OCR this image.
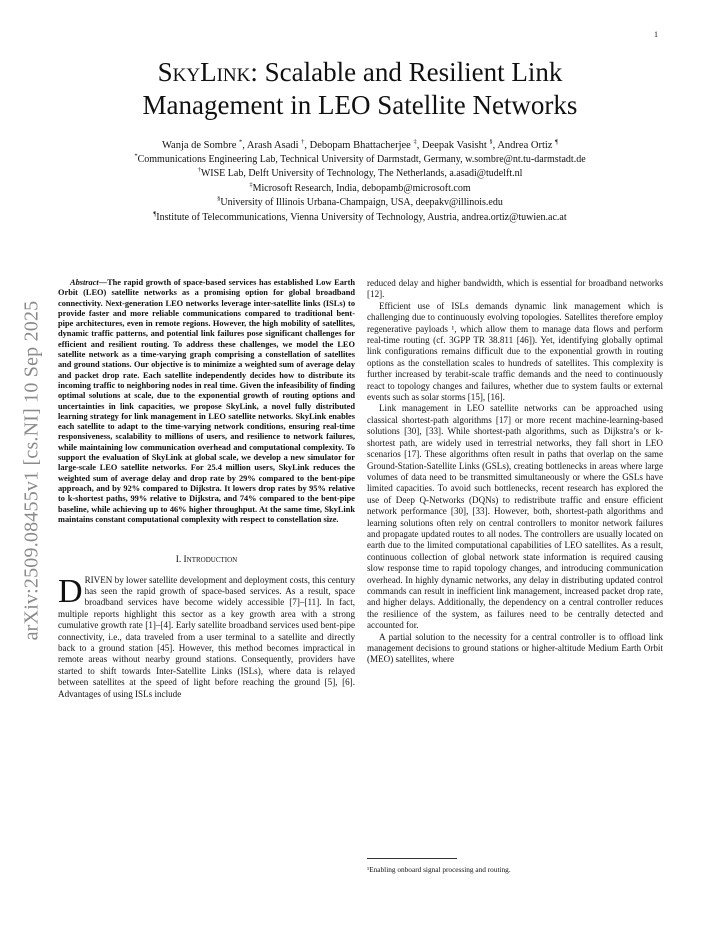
1
arXiv:2509.08455v1 [cs.NI] 10 Sep 2025
SkyLink: Scalable and Resilient Link
Management in LEO Satellite Networks
Wanja de Sombre *, Arash Asadi †, Debopam Bhattacherjee ‡, Deepak Vasisht §, Andrea Ortiz ¶
*Communications Engineering Lab, Technical University of Darmstadt, Germany, w.sombre@nt.tu-darmstadt.de
†WISE Lab, Delft University of Technology, The Netherlands, a.asadi@tudelft.nl
‡Microsoft Research, India, debopamb@microsoft.com
§University of Illinois Urbana-Champaign, USA, deepakv@illinois.edu
¶Institute of Telecommunications, Vienna University of Technology, Austria, andrea.ortiz@tuwien.ac.at

Abstract—The rapid growth of space-based services has established Low Earth Orbit (LEO) satellite networks as a promising option for global broadband connectivity. Next-generation LEO networks leverage inter-satellite links (ISLs) to provide faster and more reliable communications compared to traditional bent-pipe architectures, even in remote regions. However, the high mobility of satellites, dynamic traffic patterns, and potential link failures pose significant challenges for efficient and resilient routing. To address these challenges, we model the LEO satellite network as a time-varying graph comprising a constellation of satellites and ground stations. Our objective is to minimize a weighted sum of average delay and packet drop rate. Each satellite independently decides how to distribute its incoming traffic to neighboring nodes in real time. Given the infeasibility of finding optimal solutions at scale, due to the exponential growth of routing options and uncertainties in link capacities, we propose SkyLink, a novel fully distributed learning strategy for link management in LEO satellite networks. SkyLink enables each satellite to adapt to the time-varying network conditions, ensuring real-time responsiveness, scalability to millions of users, and resilience to network failures, while maintaining low communication overhead and computational complexity. To support the evaluation of SkyLink at global scale, we develop a new simulator for large-scale LEO satellite networks. For 25.4 million users, SkyLink reduces the weighted sum of average delay and drop rate by 29% compared to the bent-pipe approach, and by 92% compared to Dijkstra. It lowers drop rates by 95% relative to k-shortest paths, 99% relative to Dijkstra, and 74% compared to the bent-pipe baseline, while achieving up to 46% higher throughput. At the same time, SkyLink maintains constant computational complexity with respect to constellation size.

I. Introduction

DRIVEN by lower satellite development and deployment costs, this century has seen the rapid growth of space-based services. As a result, space broadband services have become widely accessible [7]–[11]. In fact, multiple reports highlight this sector as a key growth area with a strong cumulative growth rate [1]–[4]. Early satellite broadband services used bent-pipe connectivity, i.e., data traveled from a user terminal to a satellite and directly back to a ground station [45]. However, this method becomes impractical in remote areas without nearby ground stations. Consequently, providers have started to shift towards Inter-Satellite Links (ISLs), where data is relayed between satellites at the speed of light before reaching the ground [5], [6]. Advantages of using ISLs include

reduced delay and higher bandwidth, which is essential for broadband networks [12].

Efficient use of ISLs demands dynamic link management which is challenging due to continuously evolving topologies. Satellites therefore employ regenerative payloads ¹, which allow them to manage data flows and perform real-time routing (cf. 3GPP TR 38.811 [46]). Yet, identifying globally optimal link configurations remains difficult due to the exponential growth in routing options as the constellation scales to hundreds of satellites. This complexity is further increased by terabit-scale traffic demands and the need to continuously react to topology changes and failures, whether due to system faults or external events such as solar storms [15], [16].

Link management in LEO satellite networks can be approached using classical shortest-path algorithms [17] or more recent machine-learning-based solutions [30], [33]. While shortest-path algorithms, such as Dijkstra’s or k-shortest path, are widely used in terrestrial networks, they fall short in LEO scenarios [17]. These algorithms often result in paths that overlap on the same Ground-Station-Satellite Links (GSLs), creating bottlenecks in areas where large volumes of data need to be transmitted simultaneously or where the GSLs have limited capacities. To avoid such bottlenecks, recent research has explored the use of Deep Q-Networks (DQNs) to redistribute traffic and ensure efficient network performance [30], [33]. However, both, shortest-path algorithms and learning solutions often rely on central controllers to monitor network failures and propagate updated routes to all nodes. The controllers are usually located on earth due to the limited computational capabilities of LEO satellites. As a result, continuous collection of global network state information is required causing slow response time to rapid topology changes, and introducing communication overhead. In highly dynamic networks, any delay in distributing updated control commands can result in inefficient link management, increased packet drop rate, and higher delays. Additionally, the dependency on a central controller reduces the resilience of the system, as failures need to be centrally detected and accounted for.

A partial solution to the necessity for a central controller is to offload link management decisions to ground stations or higher-altitude Medium Earth Orbit (MEO) satellites, where

¹Enabling onboard signal processing and routing.
